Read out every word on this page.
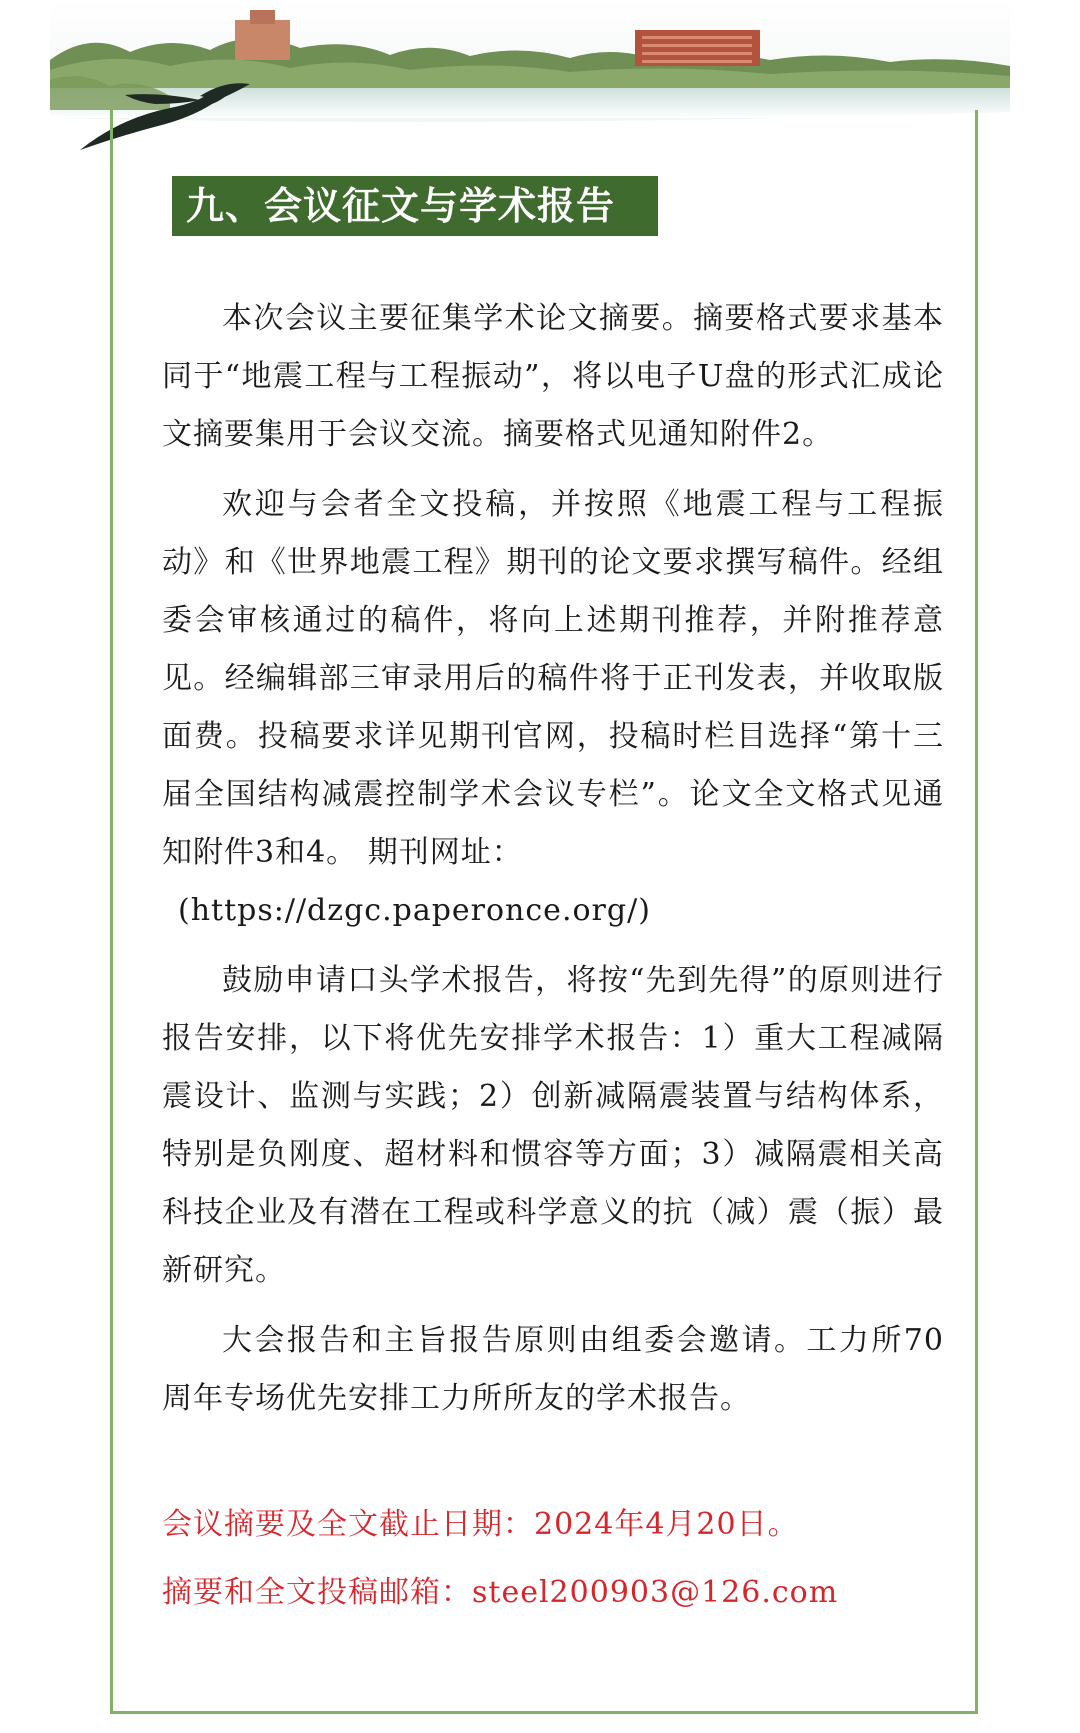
九、会议征文与学术报告

本次会议主要征集学术论文摘要。摘要格式要求基本同于“地震工程与工程振动”，将以电子U盘的形式汇成论文摘要集用于会议交流。摘要格式见通知附件2。

欢迎与会者全文投稿，并按照《地震工程与工程振动》和《世界地震工程》期刊的论文要求撰写稿件。经组委会审核通过的稿件，将向上述期刊推荐，并附推荐意见。经编辑部三审录用后的稿件将于正刊发表，并收取版面费。投稿要求详见期刊官网，投稿时栏目选择“第十三届全国结构减震控制学术会议专栏”。论文全文格式见通知附件3和4。 期刊网址：
(https://dzgc.paperonce.org/)

鼓励申请口头学术报告，将按“先到先得”的原则进行报告安排，以下将优先安排学术报告：1）重大工程减隔震设计、监测与实践；2）创新减隔震装置与结构体系，特别是负刚度、超材料和惯容等方面；3）减隔震相关高科技企业及有潜在工程或科学意义的抗（减）震（振）最新研究。

大会报告和主旨报告原则由组委会邀请。工力所70周年专场优先安排工力所所友的学术报告。

会议摘要及全文截止日期：2024年4月20日。
摘要和全文投稿邮箱：steel200903@126.com
